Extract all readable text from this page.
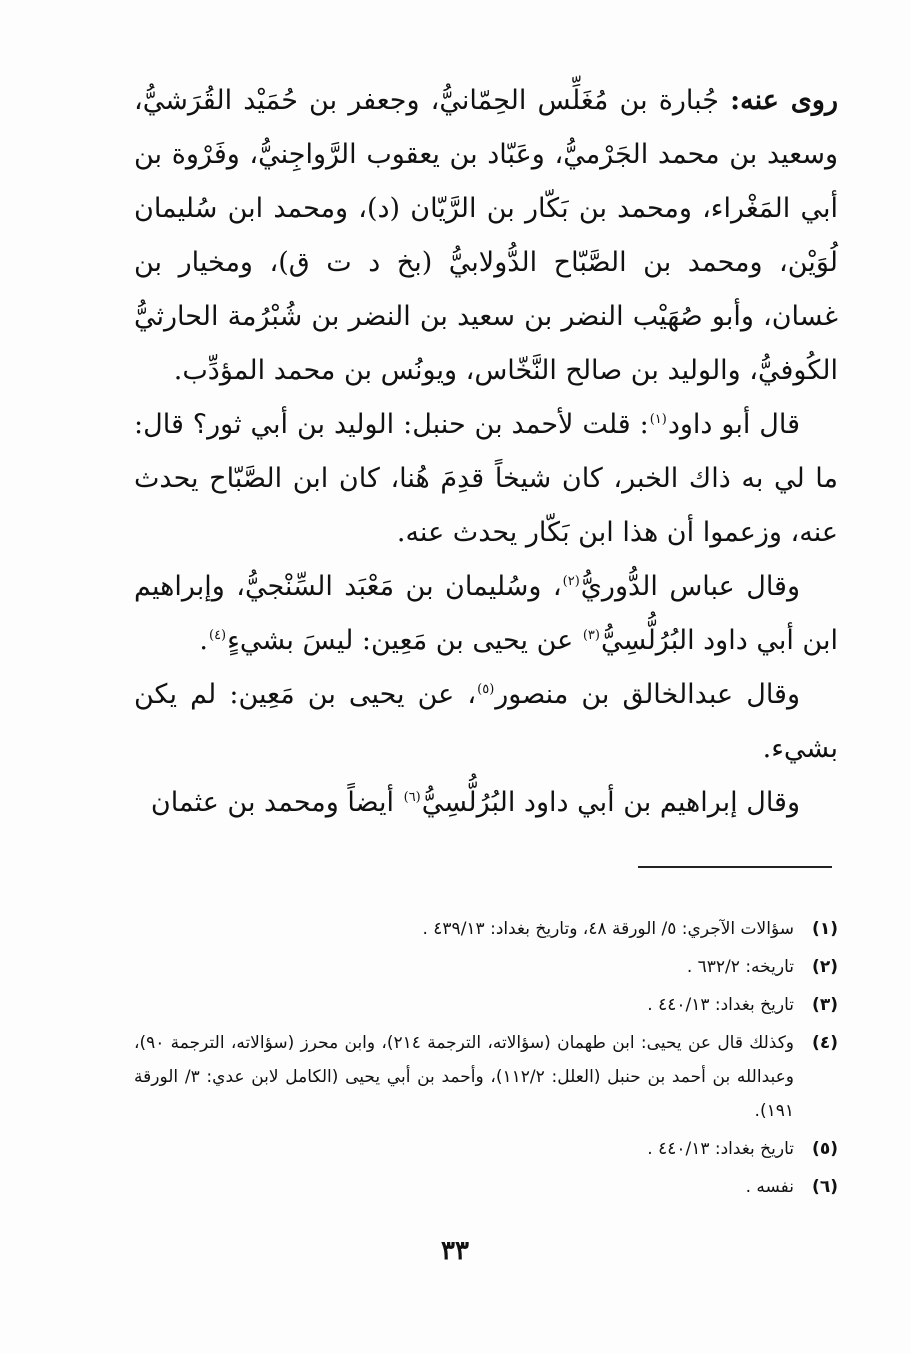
روى عنه: جُبارة بن مُغَلِّس الحِمّانيُّ، وجعفر بن حُمَيْد القُرَشيُّ، وسعيد بن محمد الجَرْميُّ، وعَبّاد بن يعقوب الرَّواجِنيُّ، وفَرْوة بن أبي المَغْراء، ومحمد بن بَكّار بن الرَّيّان (د)، ومحمد ابن سُليمان لُوَيْن، ومحمد بن الصَّبّاح الدُّولابيُّ (بخ د ت ق)، ومخيار بن غسان، وأبو صُهَيْب النضر بن سعيد بن النضر بن شُبْرُمة الحارثيُّ الكُوفيُّ، والوليد بن صالح النَّخّاس، ويونُس بن محمد المؤدِّب.

قال أبو داود$^{(١)}$: قلت لأحمد بن حنبل: الوليد بن أبي ثور؟ قال: ما لي به ذاك الخبر، كان شيخاً قدِمَ هُنا، كان ابن الصَّبّاح يحدث عنه، وزعموا أن هذا ابن بَكّار يحدث عنه.

وقال عباس الدُّوريُّ$^{(٢)}$، وسُليمان بن مَعْبَد السِّنْجيُّ، وإبراهيم ابن أبي داود البُرُلُّسِيُّ$^{(٣)}$ عن يحيى بن مَعِين: ليسَ بشيءٍ$^{(٤)}$.

وقال عبدالخالق بن منصور$^{(٥)}$، عن يحيى بن مَعِين: لم يكن بشيء.

وقال إبراهيم بن أبي داود البُرُلُّسِيُّ$^{(٦)}$ أيضاً ومحمد بن عثمان

(١)
سؤالات الآجري: ٥/ الورقة ٤٨، وتاريخ بغداد: ٤٣٩/١٣ .
(٢)
تاريخه: ٦٣٢/٢ .
(٣)
تاريخ بغداد: ٤٤٠/١٣ .
(٤)
وكذلك قال عن يحيى: ابن طهمان (سؤالاته، الترجمة ٢١٤)، وابن محرز (سؤالاته، الترجمة ٩٠)، وعبدالله بن أحمد بن حنبل (العلل: ١١٢/٢)، وأحمد بن أبي يحيى (الكامل لابن عدي: ٣/ الورقة ١٩١).
(٥)
تاريخ بغداد: ٤٤٠/١٣ .
(٦)
نفسه .
٣٣
